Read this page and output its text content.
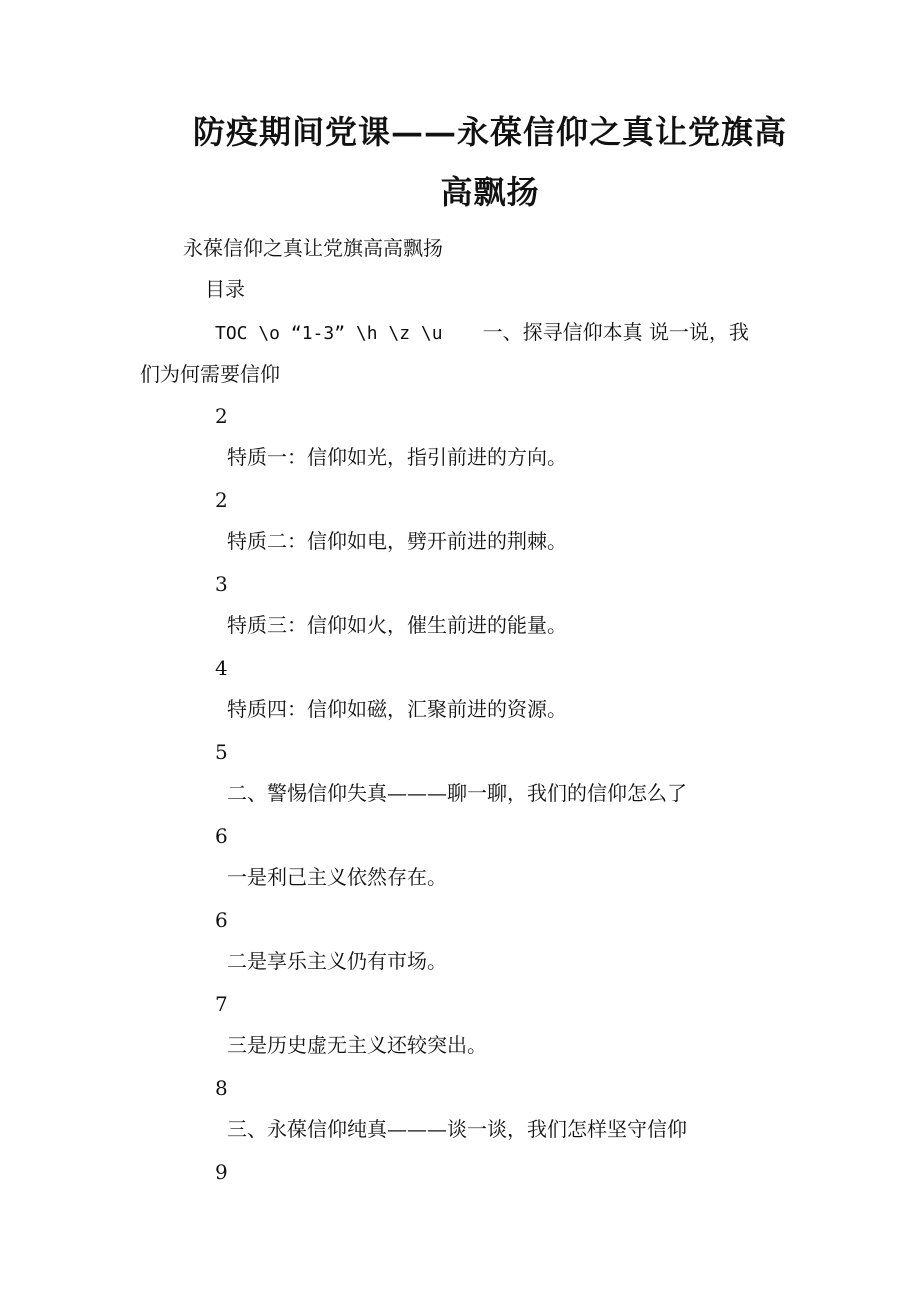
防疫期间党课——永葆信仰之真让党旗高
高飘扬

永葆信仰之真让党旗高高飘扬

目录

TOC \o “1-3” \h \z \u 一、探寻信仰本真 说一说，我

们为何需要信仰

2
特质一：信仰如光，指引前进的方向。
2
特质二：信仰如电，劈开前进的荆棘。
3
特质三：信仰如火，催生前进的能量。
4
特质四：信仰如磁，汇聚前进的资源。
5
二、警惕信仰失真———聊一聊，我们的信仰怎么了
6
一是利己主义依然存在。
6
二是享乐主义仍有市场。
7
三是历史虚无主义还较突出。
8
三、永葆信仰纯真———谈一谈，我们怎样坚守信仰
9
